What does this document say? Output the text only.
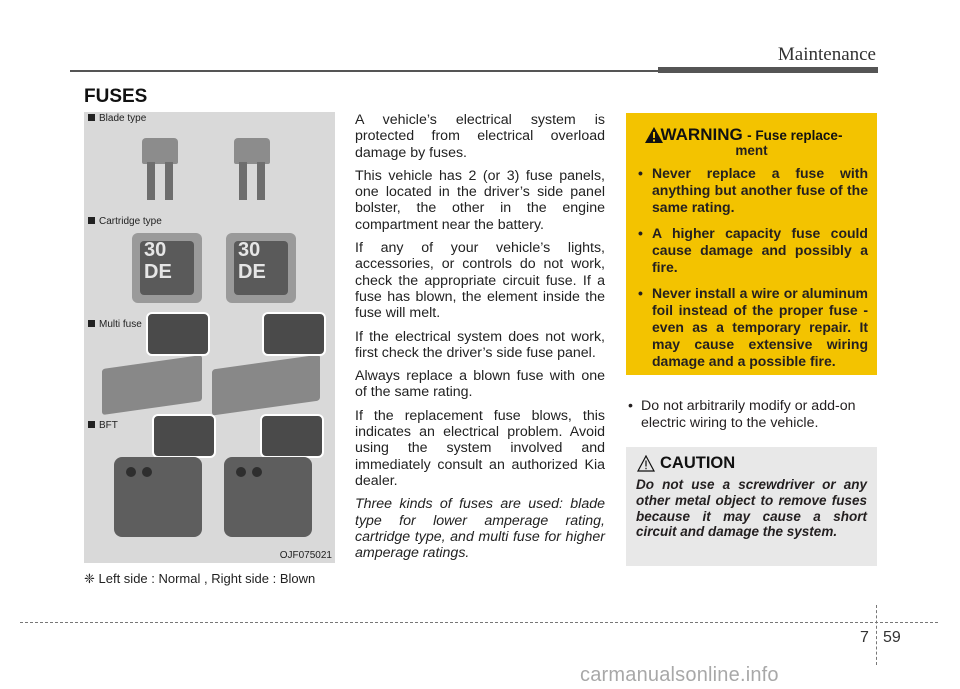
Maintenance
FUSES
Blade type
Cartridge type
30
DE
30
DE
Multi fuse
BFT
OJF075021
❈ Left side : Normal , Right side : Blown

A vehicle’s electrical system is protected from electrical overload damage by fuses.

This vehicle has 2 (or 3) fuse panels, one located in the driver’s side panel bolster, the other in the engine compartment near the battery.

If any of your vehicle’s lights, accessories, or controls do not work, check the appropriate circuit fuse. If a fuse has blown, the element inside the fuse will melt.

If the electrical system does not work, first check the driver’s side fuse panel.

Always replace a blown fuse with one of the same rating.

If the replacement fuse blows, this indicates an electrical problem. Avoid using the system involved and immediately consult an authorized Kia dealer.

Three kinds of fuses are used: blade type for lower amperage rating, cartridge type, and multi fuse for higher amperage ratings.

WARNING - Fuse replace-
ment
• Never replace a fuse with anything but another fuse of the same rating.
• A higher capacity fuse could cause damage and possibly a fire.
• Never install a wire or aluminum foil instead of the proper fuse - even as a temporary repair. It may cause extensive wiring damage and a possible fire.
• Do not arbitrarily modify or add-on electric wiring to the vehicle.
CAUTION
Do not use a screwdriver or any other metal object to remove fuses because it may cause a short circuit and damage the system.
7 59
carmanualsonline.info
